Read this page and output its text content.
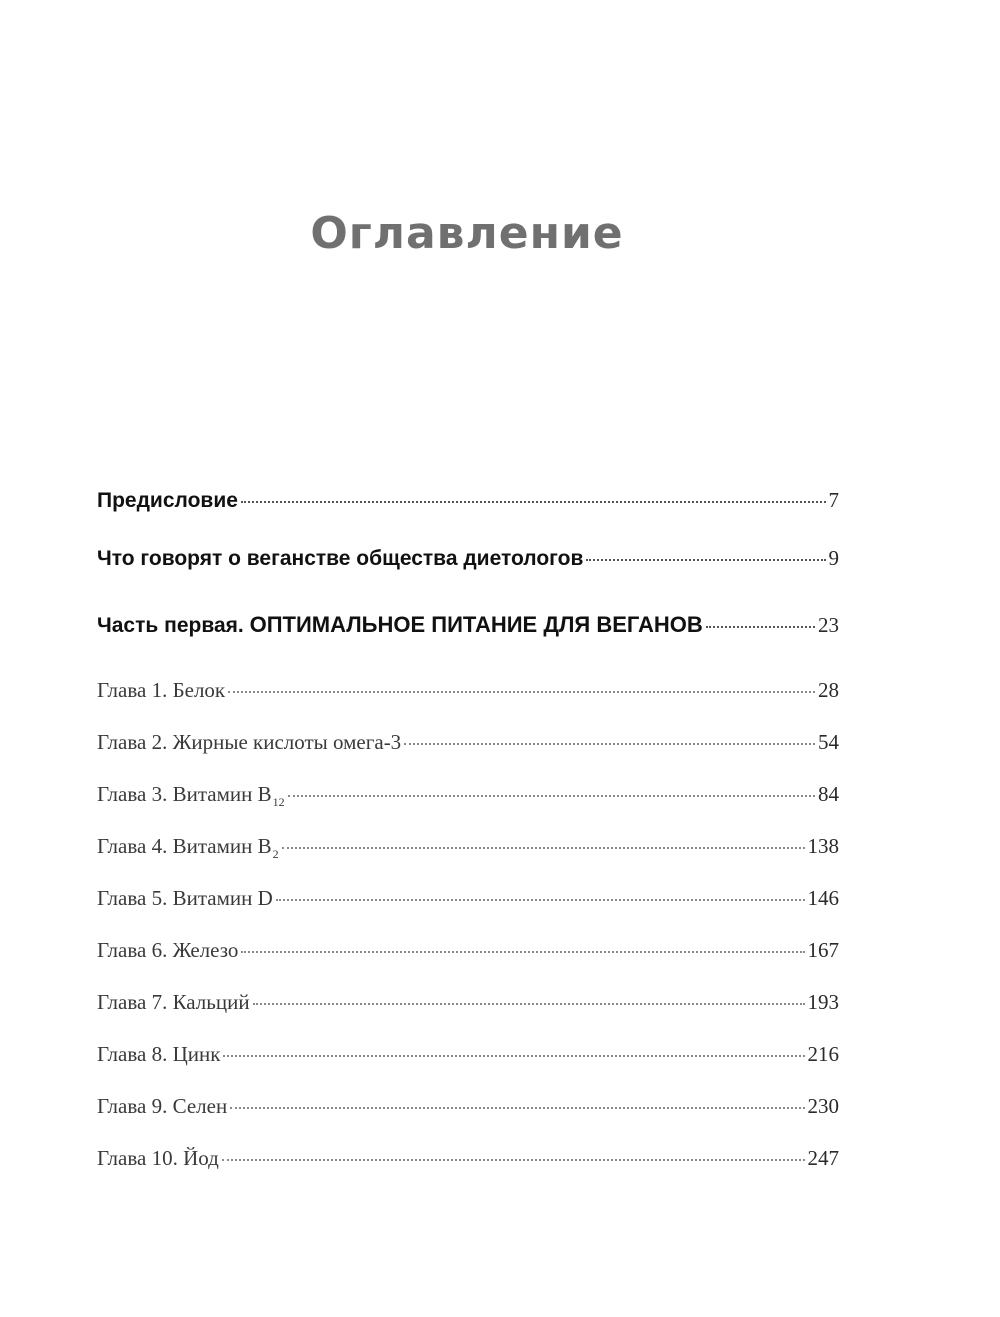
Оглавление
Предисловие	7
Что говорят о веганстве общества диетологов	9
Часть первая. ОПТИМАЛЬНОЕ ПИТАНИЕ ДЛЯ ВЕГАНОВ	23
Глава 1. Белок	28
Глава 2. Жирные кислоты омега-3	54
Глава 3. Витамин $B_{12}$	84
Глава 4. Витамин $B_2$	138
Глава 5. Витамин D	146
Глава 6. Железо	167
Глава 7. Кальций	193
Глава 8. Цинк	216
Глава 9. Селен	230
Глава 10. Йод	247
